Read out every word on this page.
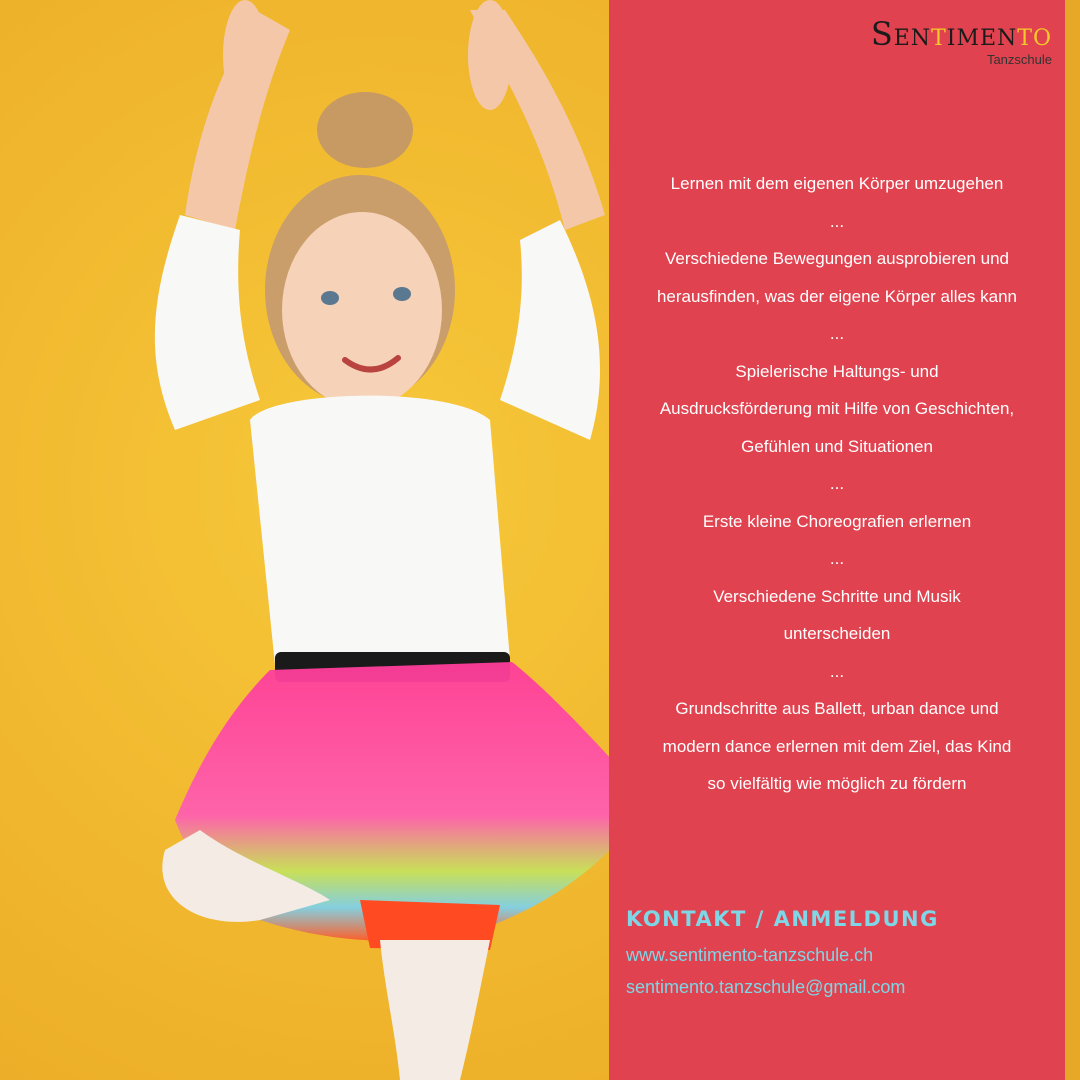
Sentimento
Tanzschule
Lernen mit dem eigenen Körper umzugehen
...
Verschiedene Bewegungen ausprobieren und
herausfinden, was der eigene Körper alles kann
...
Spielerische Haltungs- und
Ausdrucksförderung mit Hilfe von Geschichten,
Gefühlen und Situationen
...
Erste kleine Choreografien erlernen
...
Verschiedene Schritte und Musik
unterscheiden
...
Grundschritte aus Ballett, urban dance und
modern dance erlernen mit dem Ziel, das Kind
so vielfältig wie möglich zu fördern
KONTAKT / ANMELDUNG
www.sentimento-tanzschule.ch
sentimento.tanzschule@gmail.com
